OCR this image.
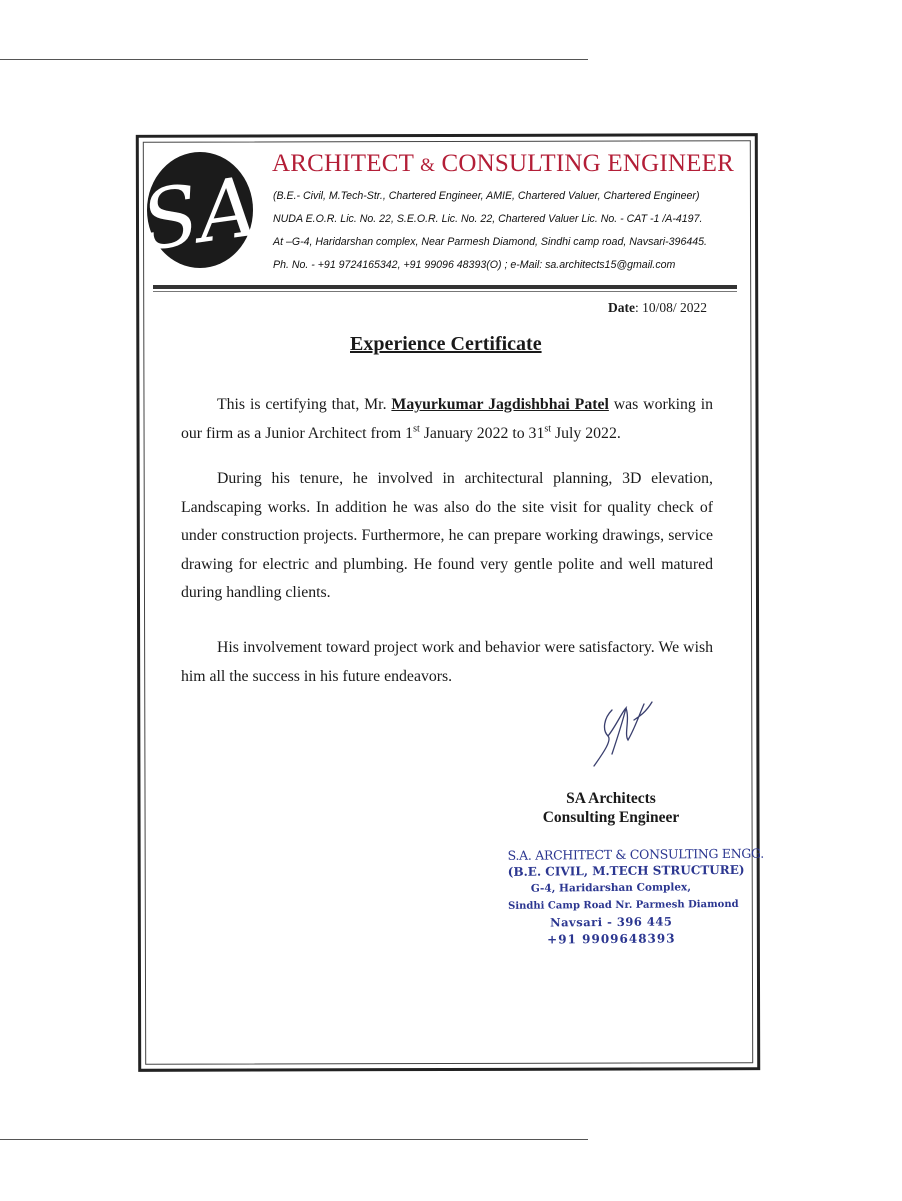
SA ARCHITECT & CONSULTING ENGINEER
(B.E.- Civil, M.Tech-Str., Chartered Engineer, AMIE, Chartered Valuer, Chartered Engineer)
NUDA E.O.R. Lic. No. 22, S.E.O.R. Lic. No. 22, Chartered Valuer Lic. No. - CAT -1 /A-4197.
At –G-4, Haridarshan complex, Near Parmesh Diamond, Sindhi camp road, Navsari-396445.
Ph. No. - +91 9724165342, +91 99096 48393(O) ; e-Mail: sa.architects15@gmail.com
Date: 10/08/ 2022
Experience Certificate
This is certifying that, Mr. Mayurkumar Jagdishbhai Patel was working in our firm as a Junior Architect from 1st January 2022 to 31st July 2022.
During his tenure, he involved in architectural planning, 3D elevation, Landscaping works. In addition he was also do the site visit for quality check of under construction projects. Furthermore, he can prepare working drawings, service drawing for electric and plumbing. He found very gentle polite and well matured during handling clients.
His involvement toward project work and behavior were satisfactory. We wish him all the success in his future endeavors.
SA Architects
Consulting Engineer
S.A. ARCHITECT & CONSULTING ENGG.
(B.E. CIVIL, M.TECH STRUCTURE)
G-4, Haridarshan Complex,
Sindhi Camp Road Nr. Parmesh Diamond
Navsari - 396 445
+91 9909648393
